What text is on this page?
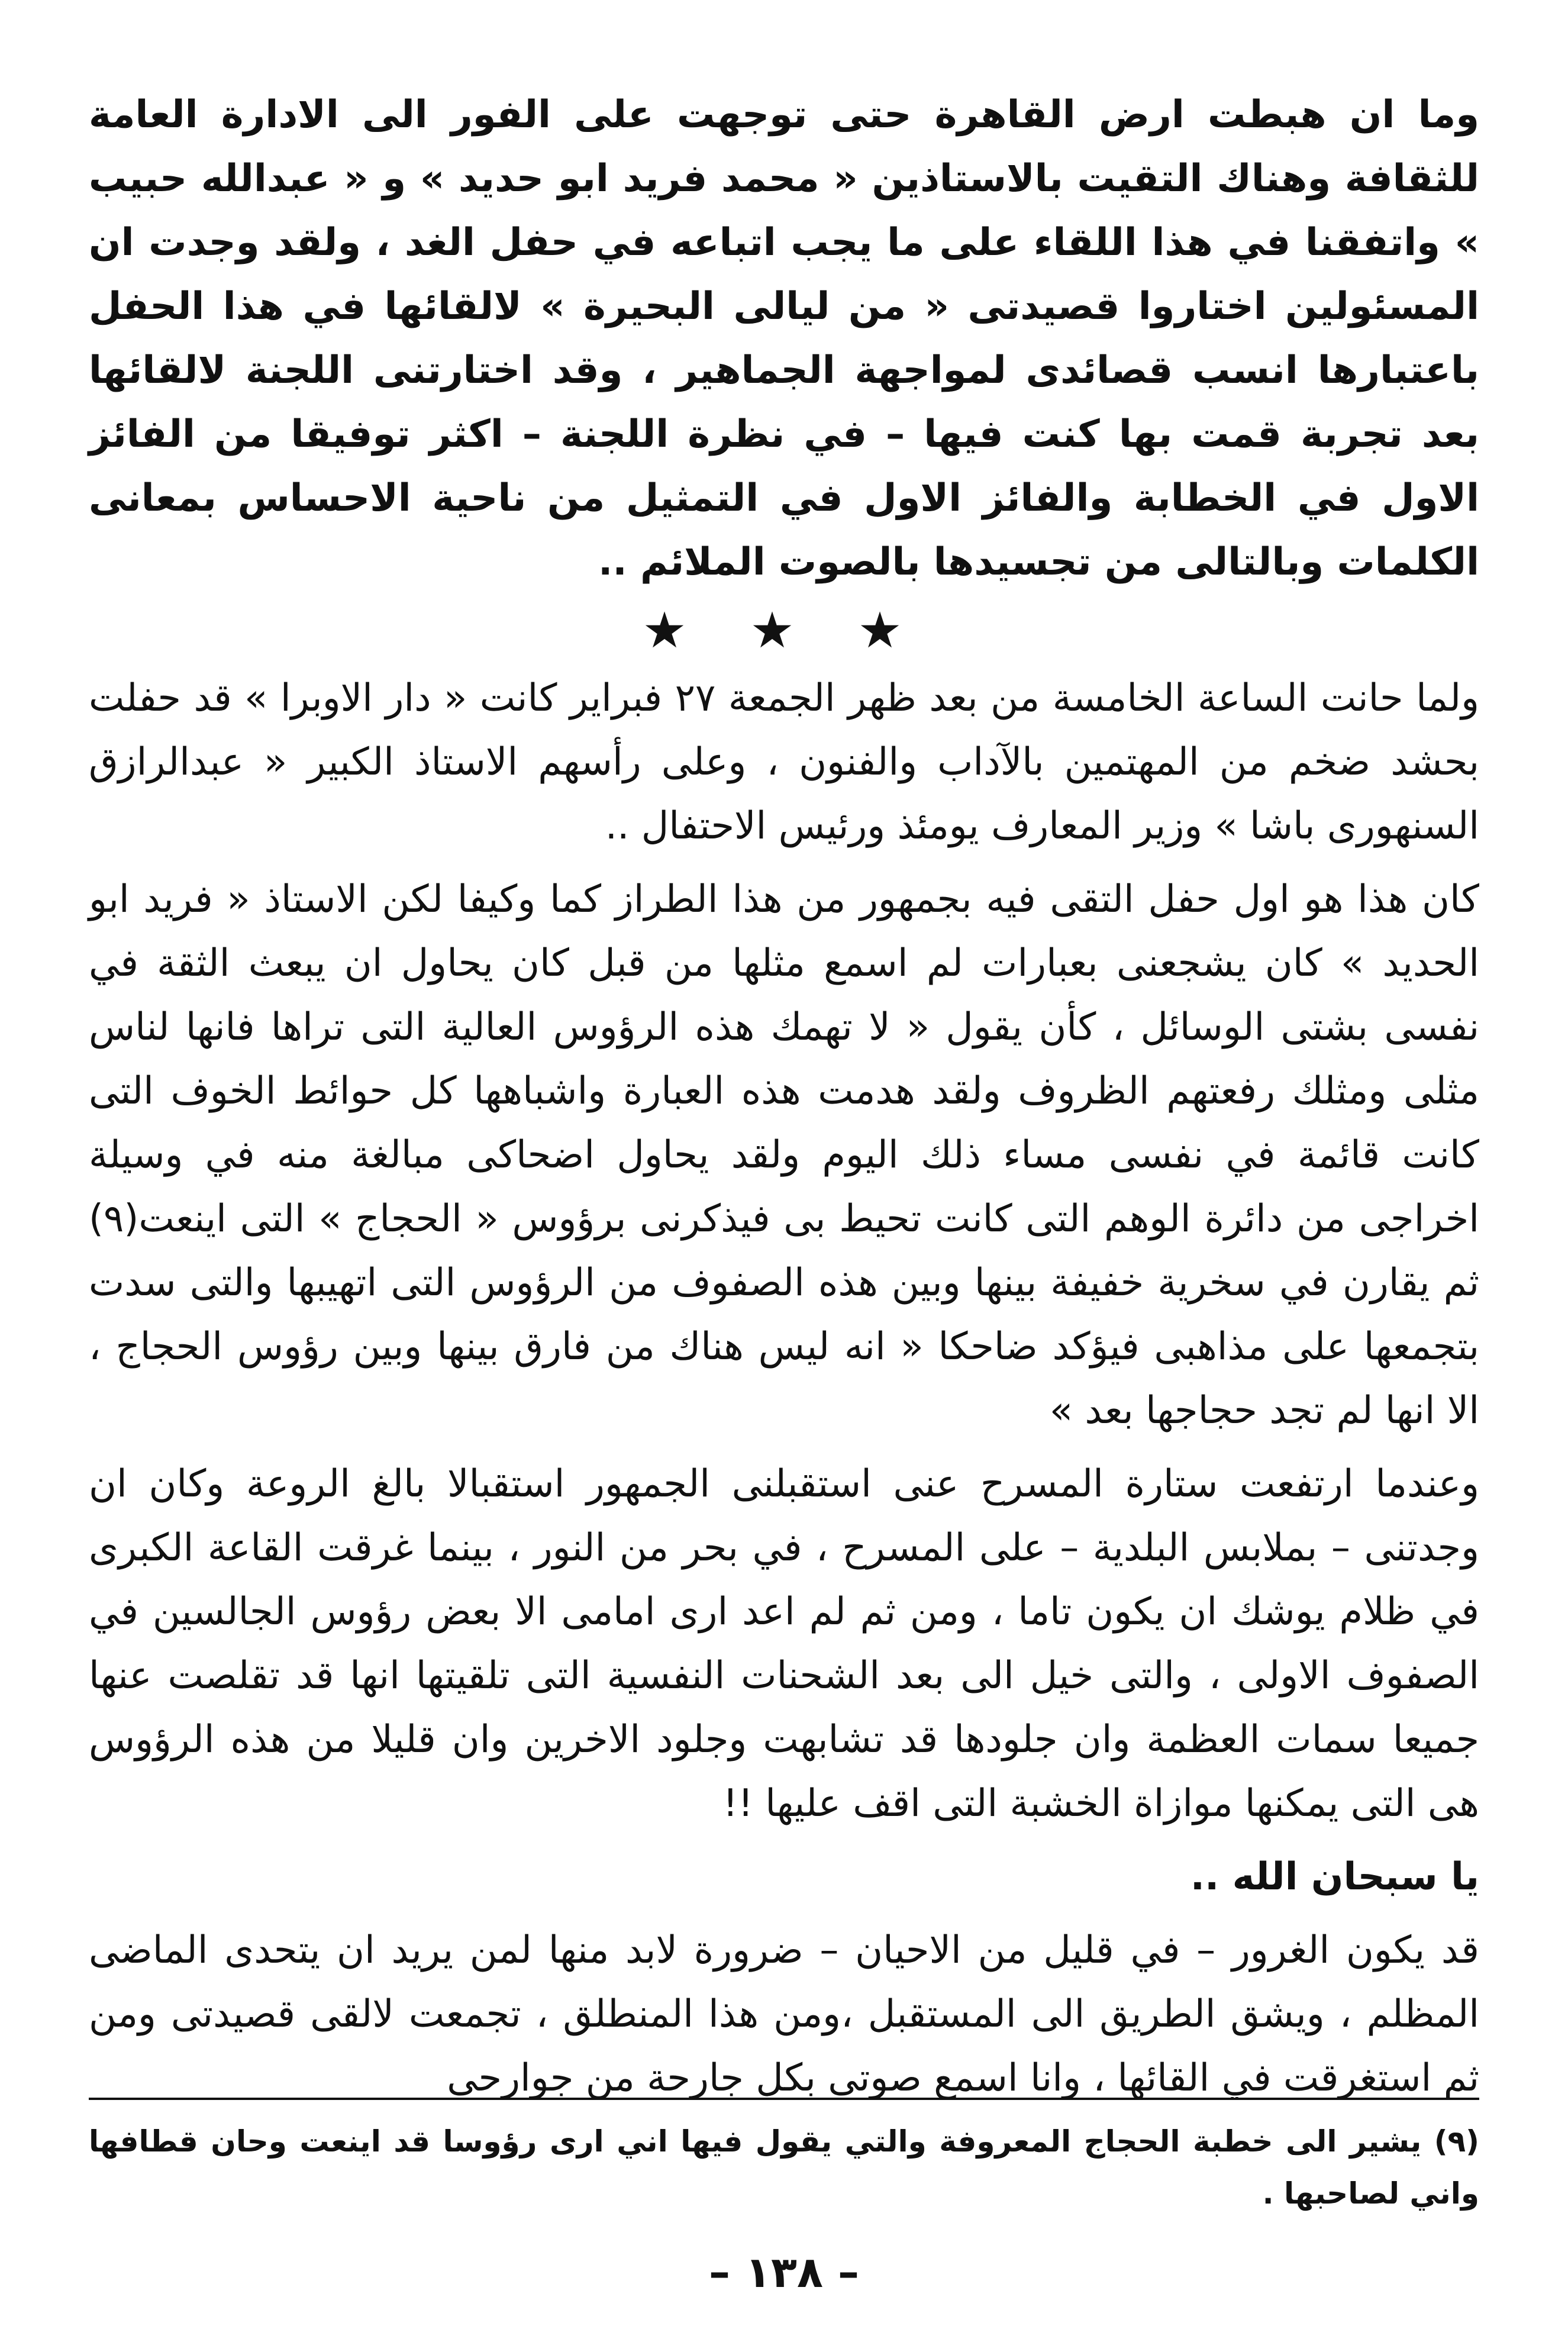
وما ان هبطت ارض القاهرة حتى توجهت على الفور الى الادارة العامة للثقافة وهناك التقيت بالاستاذين « محمد فريد ابو حديد » و « عبدالله حبيب » واتفقنا في هذا اللقاء على ما يجب اتباعه في حفل الغد ، ولقد وجدت ان المسئولين اختاروا قصيدتى « من ليالى البحيرة » لالقائها في هذا الحفل باعتبارها انسب قصائدى لمواجهة الجماهير ، وقد اختارتنى اللجنة لالقائها بعد تجربة قمت بها كنت فيها – في نظرة اللجنة – اكثر توفيقا من الفائز الاول في الخطابة والفائز الاول في التمثيل من ناحية الاحساس بمعانى الكلمات وبالتالى من تجسيدها بالصوت الملائم ..

★ ★ ★

ولما حانت الساعة الخامسة من بعد ظهر الجمعة ٢٧ فبراير كانت « دار الاوبرا » قد حفلت بحشد ضخم من المهتمين بالآداب والفنون ، وعلى رأسهم الاستاذ الكبير « عبدالرازق السنهورى باشا » وزير المعارف يومئذ ورئيس الاحتفال ..

كان هذا هو اول حفل التقى فيه بجمهور من هذا الطراز كما وكيفا لكن الاستاذ « فريد ابو الحديد » كان يشجعنى بعبارات لم اسمع مثلها من قبل كان يحاول ان يبعث الثقة في نفسى بشتى الوسائل ، كأن يقول « لا تهمك هذه الرؤوس العالية التى تراها فانها لناس مثلى ومثلك رفعتهم الظروف ولقد هدمت هذه العبارة واشباهها كل حوائط الخوف التى كانت قائمة في نفسى مساء ذلك اليوم ولقد يحاول اضحاكى مبالغة منه في وسيلة اخراجى من دائرة الوهم التى كانت تحيط بى فيذكرنى برؤوس « الحجاج » التى اينعت(٩) ثم يقارن في سخرية خفيفة بينها وبين هذه الصفوف من الرؤوس التى اتهيبها والتى سدت بتجمعها على مذاهبى فيؤكد ضاحكا « انه ليس هناك من فارق بينها وبين رؤوس الحجاج ، الا انها لم تجد حجاجها بعد »

وعندما ارتفعت ستارة المسرح عنى استقبلنى الجمهور استقبالا بالغ الروعة وكان ان وجدتنى – بملابس البلدية – على المسرح ، في بحر من النور ، بينما غرقت القاعة الكبرى في ظلام يوشك ان يكون تاما ، ومن ثم لم اعد ارى امامى الا بعض رؤوس الجالسين في الصفوف الاولى ، والتى خيل الى بعد الشحنات النفسية التى تلقيتها انها قد تقلصت عنها جميعا سمات العظمة وان جلودها قد تشابهت وجلود الاخرين وان قليلا من هذه الرؤوس هى التى يمكنها موازاة الخشبة التى اقف عليها !!

يا سبحان الله ..

قد يكون الغرور – في قليل من الاحيان – ضرورة لابد منها لمن يريد ان يتحدى الماضى المظلم ، ويشق الطريق الى المستقبل ،ومن هذا المنطلق ، تجمعت لالقى قصيدتى ومن ثم استغرقت في القائها ، وانا اسمع صوتى بكل جارحة من جوارحى

(٩) يشير الى خطبة الحجاج المعروفة والتي يقول فيها اني ارى رؤوسا قد اينعت وحان قطافها واني لصاحبها .

– ١٣٨ –
